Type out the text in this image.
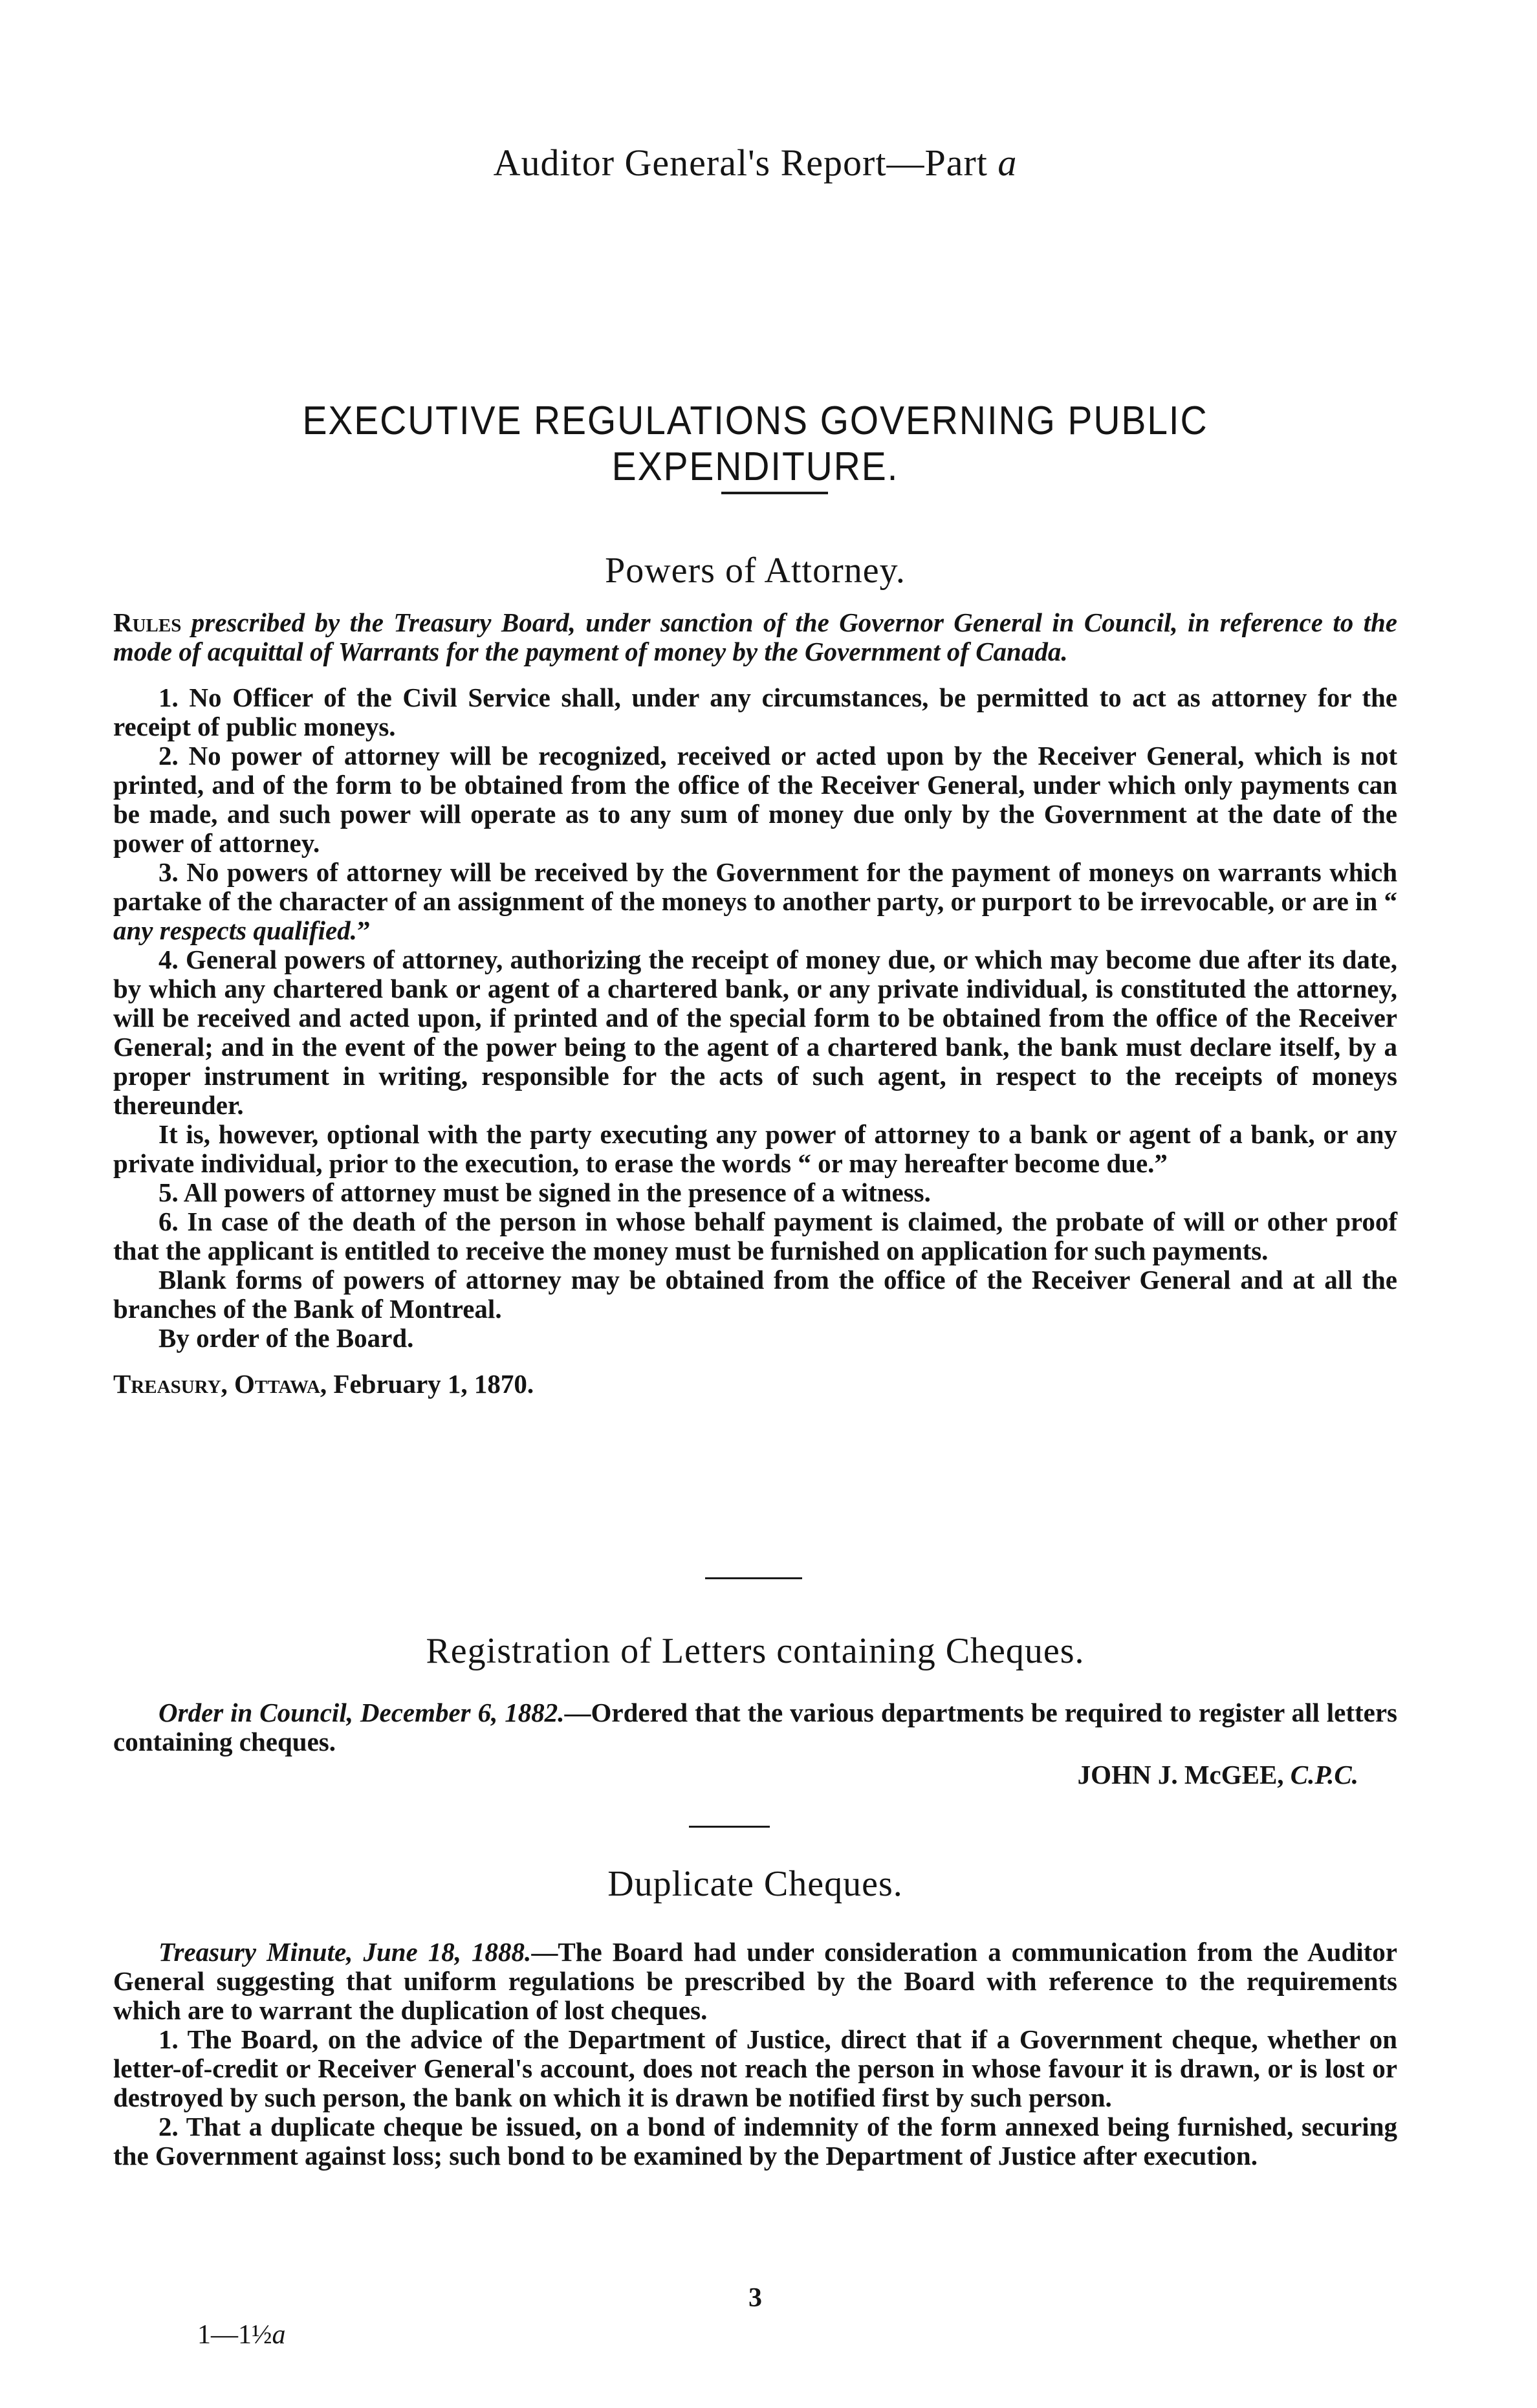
Auditor General's Report—Part a
EXECUTIVE REGULATIONS GOVERNING PUBLIC EXPENDITURE.
Powers of Attorney.

Rules prescribed by the Treasury Board, under sanction of the Governor General in Council, in reference to the mode of acquittal of Warrants for the payment of money by the Government of Canada.

1. No Officer of the Civil Service shall, under any circumstances, be permitted to act as attorney for the receipt of public moneys.

2. No power of attorney will be recognized, received or acted upon by the Receiver General, which is not printed, and of the form to be obtained from the office of the Receiver General, under which only payments can be made, and such power will operate as to any sum of money due only by the Government at the date of the power of attorney.

3. No powers of attorney will be received by the Government for the payment of moneys on warrants which partake of the character of an assignment of the moneys to another party, or purport to be irrevocable, or are in “ any respects qualified.”

4. General powers of attorney, authorizing the receipt of money due, or which may become due after its date, by which any chartered bank or agent of a chartered bank, or any private individual, is constituted the attorney, will be received and acted upon, if printed and of the special form to be obtained from the office of the Receiver General; and in the event of the power being to the agent of a chartered bank, the bank must declare itself, by a proper instrument in writing, responsible for the acts of such agent, in respect to the receipts of moneys thereunder.

It is, however, optional with the party executing any power of attorney to a bank or agent of a bank, or any private individual, prior to the execution, to erase the words “ or may hereafter become due.”

5. All powers of attorney must be signed in the presence of a witness.

6. In case of the death of the person in whose behalf payment is claimed, the probate of will or other proof that the applicant is entitled to receive the money must be furnished on application for such payments.

Blank forms of powers of attorney may be obtained from the office of the Receiver General and at all the branches of the Bank of Montreal.

By order of the Board.

Treasury, Ottawa, February 1, 1870.

Registration of Letters containing Cheques.

Order in Council, December 6, 1882.—Ordered that the various departments be required to register all letters containing cheques.

JOHN J. McGEE, C.P.C.

Duplicate Cheques.

Treasury Minute, June 18, 1888.—The Board had under consideration a communication from the Auditor General suggesting that uniform regulations be prescribed by the Board with reference to the requirements which are to warrant the duplication of lost cheques.

1. The Board, on the advice of the Department of Justice, direct that if a Government cheque, whether on letter-of-credit or Receiver General's account, does not reach the person in whose favour it is drawn, or is lost or destroyed by such person, the bank on which it is drawn be notified first by such person.

2. That a duplicate cheque be issued, on a bond of indemnity of the form annexed being furnished, securing the Government against loss; such bond to be examined by the Department of Justice after execution.

3
1—1½a
